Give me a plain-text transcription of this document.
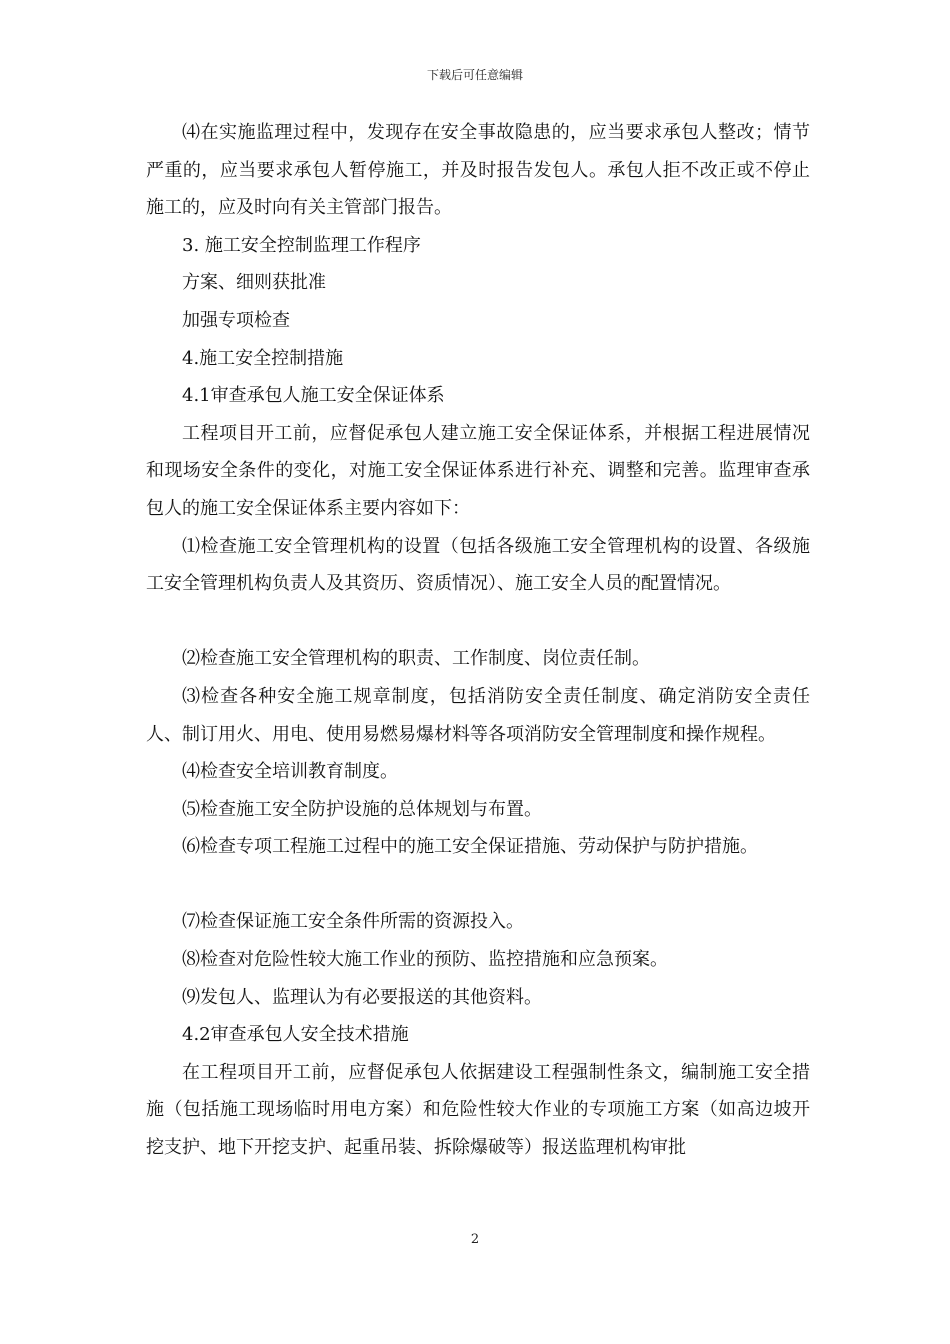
下载后可任意编辑

⑷在实施监理过程中，发现存在安全事故隐患的，应当要求承包人整改；情节严重的，应当要求承包人暂停施工，并及时报告发包人。承包人拒不改正或不停止施工的，应及时向有关主管部门报告。

3. 施工安全控制监理工作程序

方案、细则获批准

加强专项检查

4.施工安全控制措施

4.1审查承包人施工安全保证体系

工程项目开工前，应督促承包人建立施工安全保证体系，并根据工程进展情况和现场安全条件的变化，对施工安全保证体系进行补充、调整和完善。监理审查承包人的施工安全保证体系主要内容如下：

⑴检查施工安全管理机构的设置（包括各级施工安全管理机构的设置、各级施工安全管理机构负责人及其资历、资质情况）、施工安全人员的配置情况。

⑵检查施工安全管理机构的职责、工作制度、岗位责任制。

⑶检查各种安全施工规章制度，包括消防安全责任制度、确定消防安全责任人、制订用火、用电、使用易燃易爆材料等各项消防安全管理制度和操作规程。

⑷检查安全培训教育制度。

⑸检查施工安全防护设施的总体规划与布置。

⑹检查专项工程施工过程中的施工安全保证措施、劳动保护与防护措施。

⑺检查保证施工安全条件所需的资源投入。

⑻检查对危险性较大施工作业的预防、监控措施和应急预案。

⑼发包人、监理认为有必要报送的其他资料。

4.2审查承包人安全技术措施

在工程项目开工前，应督促承包人依据建设工程强制性条文，编制施工安全措施（包括施工现场临时用电方案）和危险性较大作业的专项施工方案（如高边坡开挖支护、地下开挖支护、起重吊装、拆除爆破等）报送监理机构审批

2
